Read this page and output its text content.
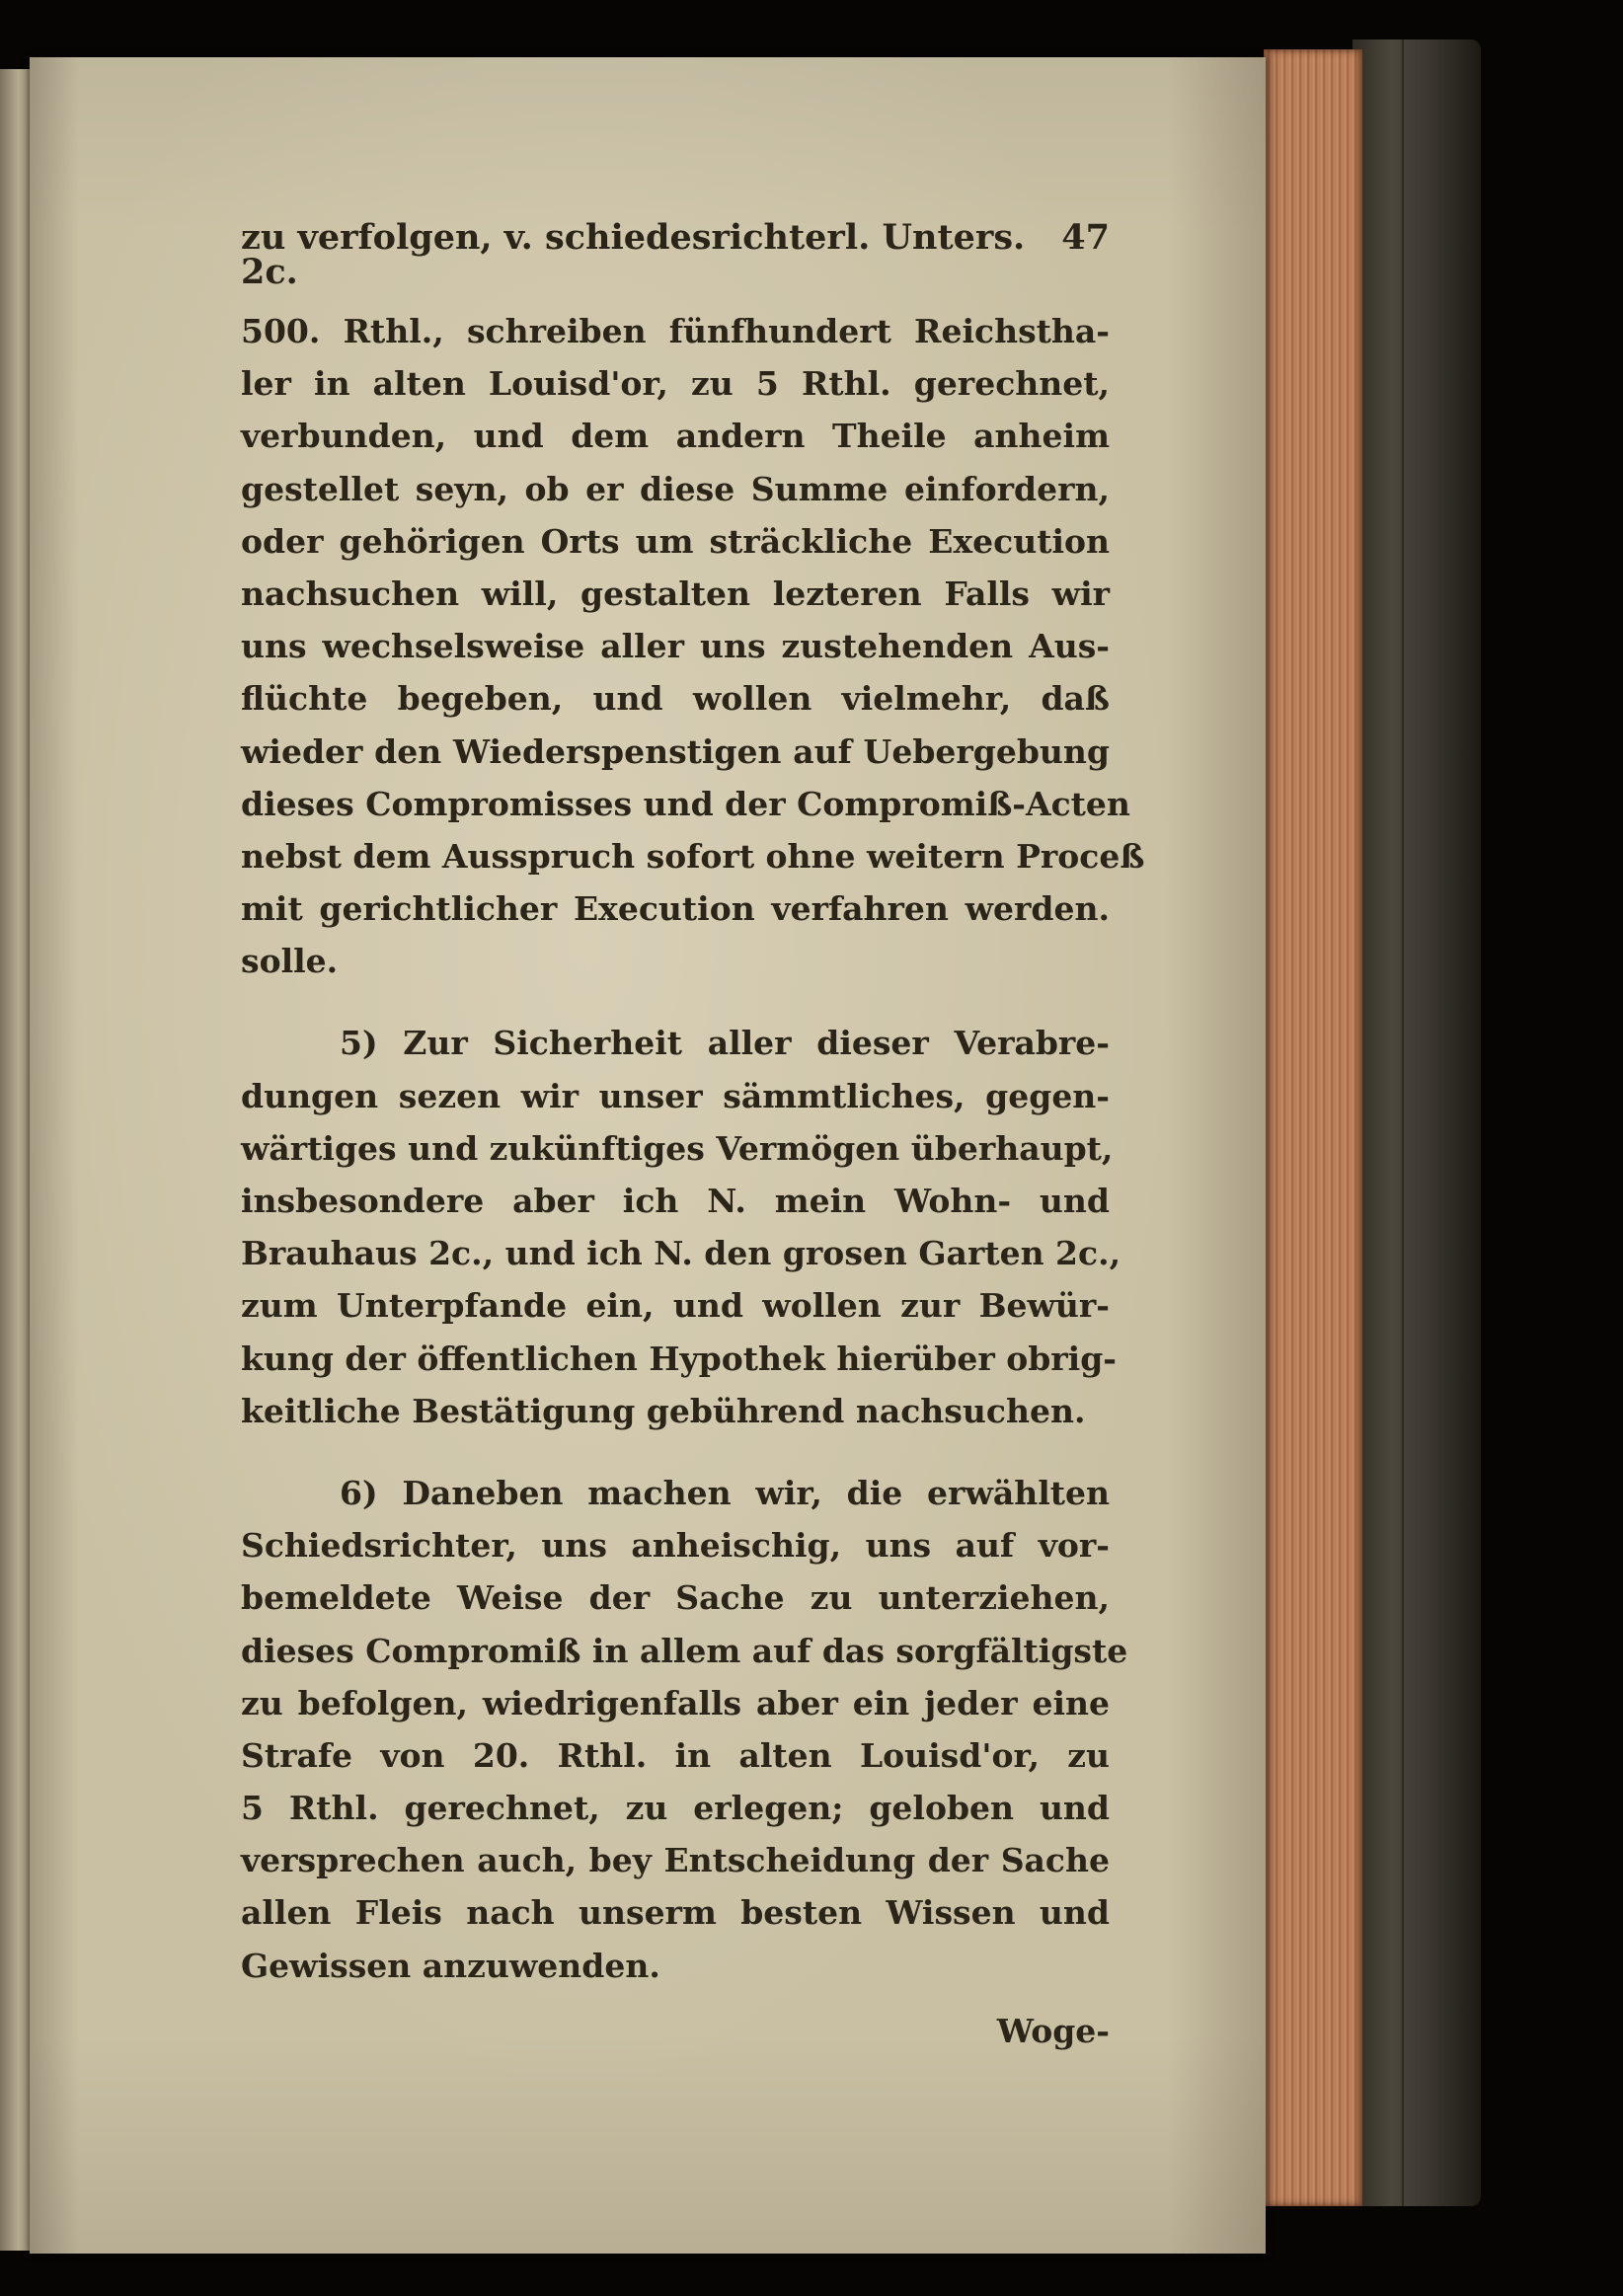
zu verfolgen, v. schiedesrichterl. Unters. 2c.
47
500. Rthl., schreiben fünfhundert Reichstha-
ler in alten Louisd'or, zu 5 Rthl. gerechnet,
verbunden, und dem andern Theile anheim
gestellet seyn, ob er diese Summe einfordern,
oder gehörigen Orts um sträckliche Execution
nachsuchen will, gestalten lezteren Falls wir
uns wechselsweise aller uns zustehenden Aus-
flüchte begeben, und wollen vielmehr, daß
wieder den Wiederspenstigen auf Uebergebung
dieses Compromisses und der Compromiß-Acten
nebst dem Ausspruch sofort ohne weitern Proceß
mit gerichtlicher Execution verfahren werden.
solle.
5) Zur Sicherheit aller dieser Verabre-
dungen sezen wir unser sämmtliches, gegen-
wärtiges und zukünftiges Vermögen überhaupt,
insbesondere aber ich N. mein Wohn- und
Brauhaus 2c., und ich N. den grosen Garten 2c.,
zum Unterpfande ein, und wollen zur Bewür-
kung der öffentlichen Hypothek hierüber obrig-
keitliche Bestätigung gebührend nachsuchen.
6) Daneben machen wir, die erwählten
Schiedsrichter, uns anheischig, uns auf vor-
bemeldete Weise der Sache zu unterziehen,
dieses Compromiß in allem auf das sorgfältigste
zu befolgen, wiedrigenfalls aber ein jeder eine
Strafe von 20. Rthl. in alten Louisd'or, zu
5 Rthl. gerechnet, zu erlegen; geloben und
versprechen auch, bey Entscheidung der Sache
allen Fleis nach unserm besten Wissen und
Gewissen anzuwenden.
Woge-
